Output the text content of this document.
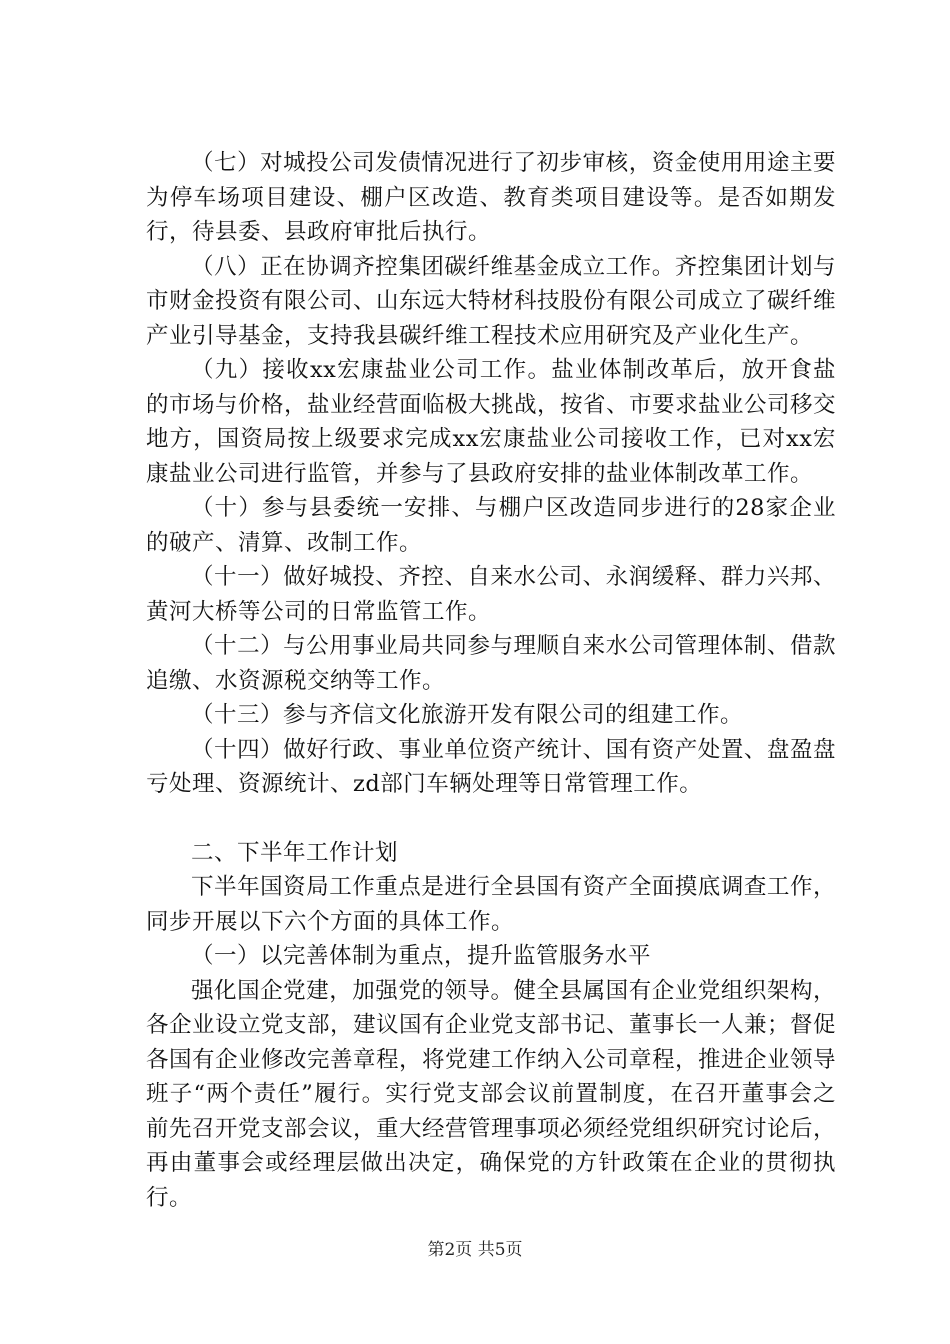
（七）对城投公司发债情况进行了初步审核，资金使用用途主要为停车场项目建设、棚户区改造、教育类项目建设等。是否如期发行，待县委、县政府审批后执行。

（八）正在协调齐控集团碳纤维基金成立工作。齐控集团计划与市财金投资有限公司、山东远大特材科技股份有限公司成立了碳纤维产业引导基金，支持我县碳纤维工程技术应用研究及产业化生产。

（九）接收xx宏康盐业公司工作。盐业体制改革后，放开食盐的市场与价格，盐业经营面临极大挑战，按省、市要求盐业公司移交地方，国资局按上级要求完成xx宏康盐业公司接收工作，已对xx宏康盐业公司进行监管，并参与了县政府安排的盐业体制改革工作。

（十）参与县委统一安排、与棚户区改造同步进行的28家企业的破产、清算、改制工作。

（十一）做好城投、齐控、自来水公司、永润缓释、群力兴邦、黄河大桥等公司的日常监管工作。

（十二）与公用事业局共同参与理顺自来水公司管理体制、借款追缴、水资源税交纳等工作。

（十三）参与齐信文化旅游开发有限公司的组建工作。

（十四）做好行政、事业单位资产统计、国有资产处置、盘盈盘亏处理、资源统计、zd部门车辆处理等日常管理工作。

二、下半年工作计划

下半年国资局工作重点是进行全县国有资产全面摸底调查工作，同步开展以下六个方面的具体工作。

（一）以完善体制为重点，提升监管服务水平

强化国企党建，加强党的领导。健全县属国有企业党组织架构，各企业设立党支部，建议国有企业党支部书记、董事长一人兼；督促各国有企业修改完善章程，将党建工作纳入公司章程，推进企业领导班子“两个责任”履行。实行党支部会议前置制度，在召开董事会之前先召开党支部会议，重大经营管理事项必须经党组织研究讨论后，再由董事会或经理层做出决定，确保党的方针政策在企业的贯彻执行。

第2页 共5页
